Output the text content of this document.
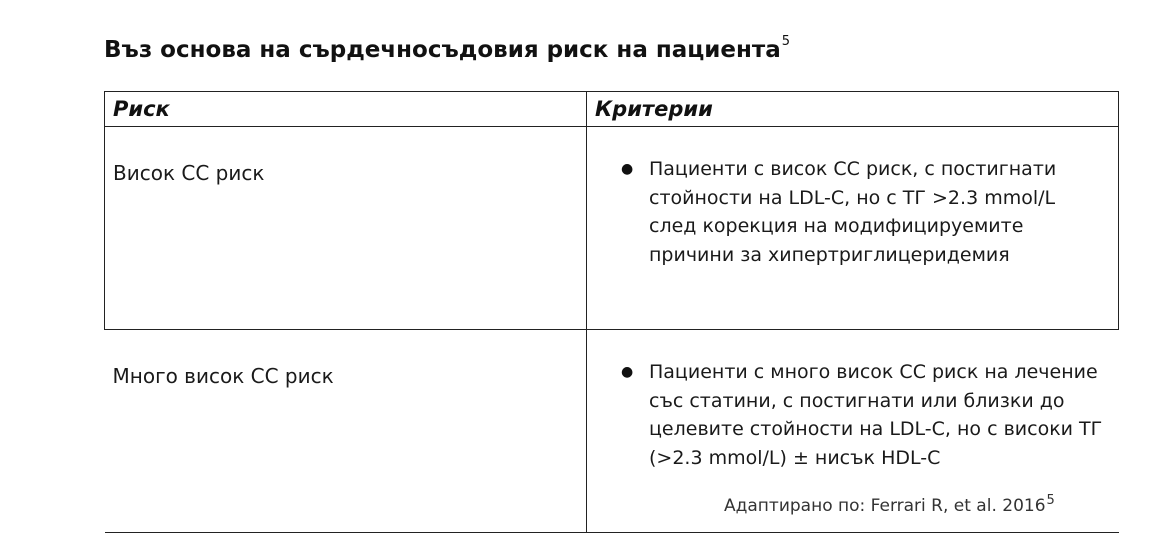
Въз основа на сърдечносъдовия риск на пациента$^5$
Риск	Критерии
Висок СС риск	● Пациенти с висок СС риск, с постигнати стойности на LDL-C, но с ТГ >2.3 mmol/L след корекция на модифицируемите причини за хипертриглицеридемия

Много висок СС риск	● Пациенти с много висок СС риск на лечение със статини, с постигнати или близки до целевите стойности на LDL-C, но с високи ТГ (>2.3 mmol/L) ± нисък HDL-C
Адаптирано по: Ferrari R, et al. 2016$^5$
